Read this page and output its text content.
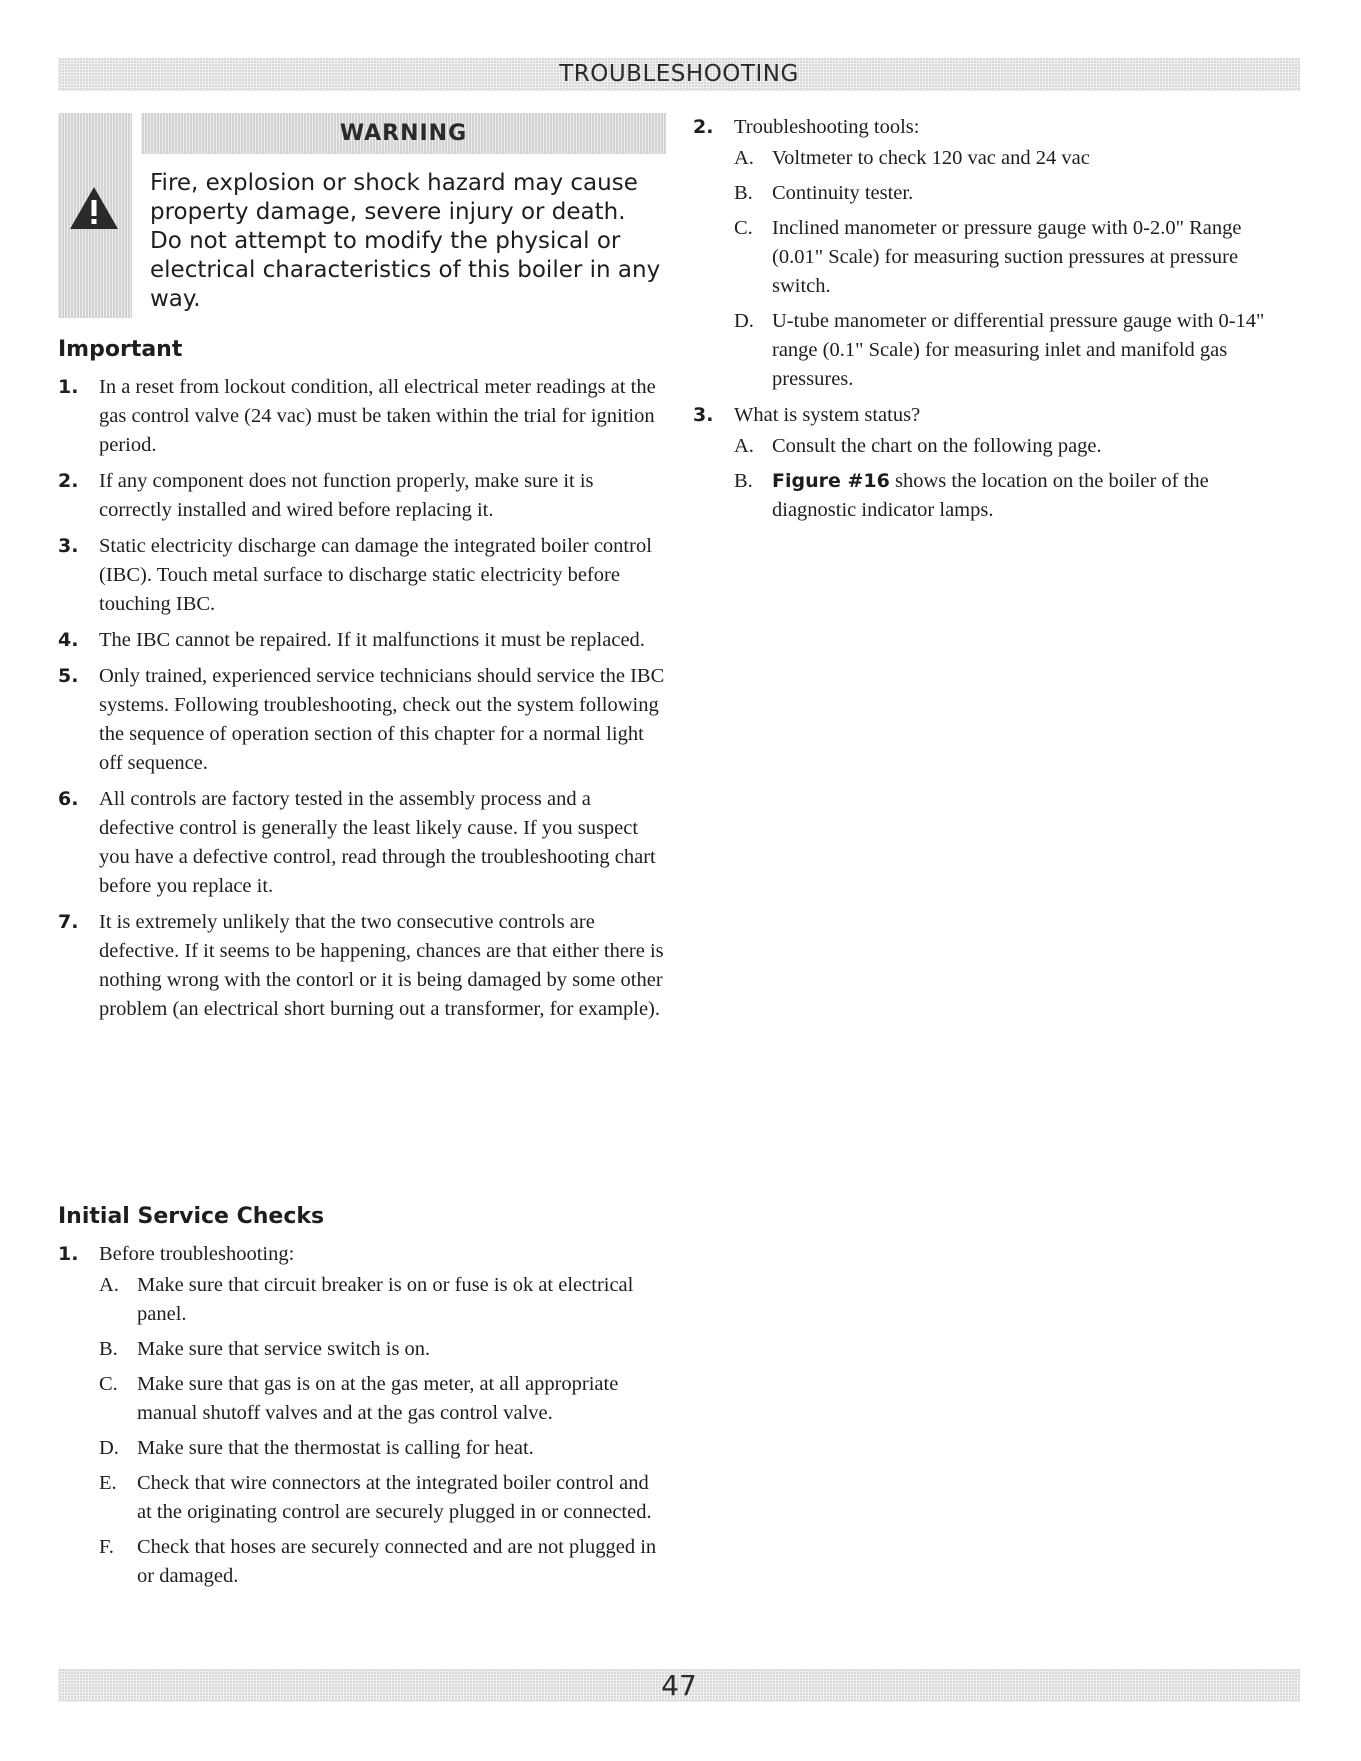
TROUBLESHOOTING
WARNING
Fire, explosion or shock hazard may cause
property damage, severe injury or death.
Do not attempt to modify the physical or
electrical characteristics of this boiler in any
way.
Important
1. In a reset from lockout condition, all electrical meter readings at the gas control valve (24 vac) must be taken within the trial for ignition period.
2. If any component does not function properly, make sure it is correctly installed and wired before replacing it.
3. Static electricity discharge can damage the integrated boiler control (IBC). Touch metal surface to discharge static electricity before touching IBC.
4. The IBC cannot be repaired. If it malfunctions it must be replaced.
5. Only trained, experienced service technicians should service the IBC systems. Following troubleshooting, check out the system following the sequence of operation section of this chapter for a normal light off sequence.
6. All controls are factory tested in the assembly process and a defective control is generally the least likely cause. If you suspect you have a defective control, read through the troubleshooting chart before you replace it.
7. It is extremely unlikely that the two consecutive controls are defective. If it seems to be happening, chances are that either there is nothing wrong with the contorl or it is being damaged by some other problem (an electrical short burning out a transformer, for example).
Initial Service Checks
1. Before troubleshooting:
A. Make sure that circuit breaker is on or fuse is ok at electrical panel.
B. Make sure that service switch is on.
C. Make sure that gas is on at the gas meter, at all appropriate manual shutoff valves and at the gas control valve.
D. Make sure that the thermostat is calling for heat.
E. Check that wire connectors at the integrated boiler control and at the originating control are securely plugged in or connected.
F. Check that hoses are securely connected and are not plugged in or damaged.
2. Troubleshooting tools:
A. Voltmeter to check 120 vac and 24 vac
B. Continuity tester.
C. Inclined manometer or pressure gauge with 0-2.0" Range (0.01" Scale) for measuring suction pressures at pressure switch.
D. U-tube manometer or differential pressure gauge with 0-14" range (0.1" Scale) for measuring inlet and manifold gas pressures.
3. What is system status?
A. Consult the chart on the following page.
B. Figure #16 shows the location on the boiler of the diagnostic indicator lamps.
47
